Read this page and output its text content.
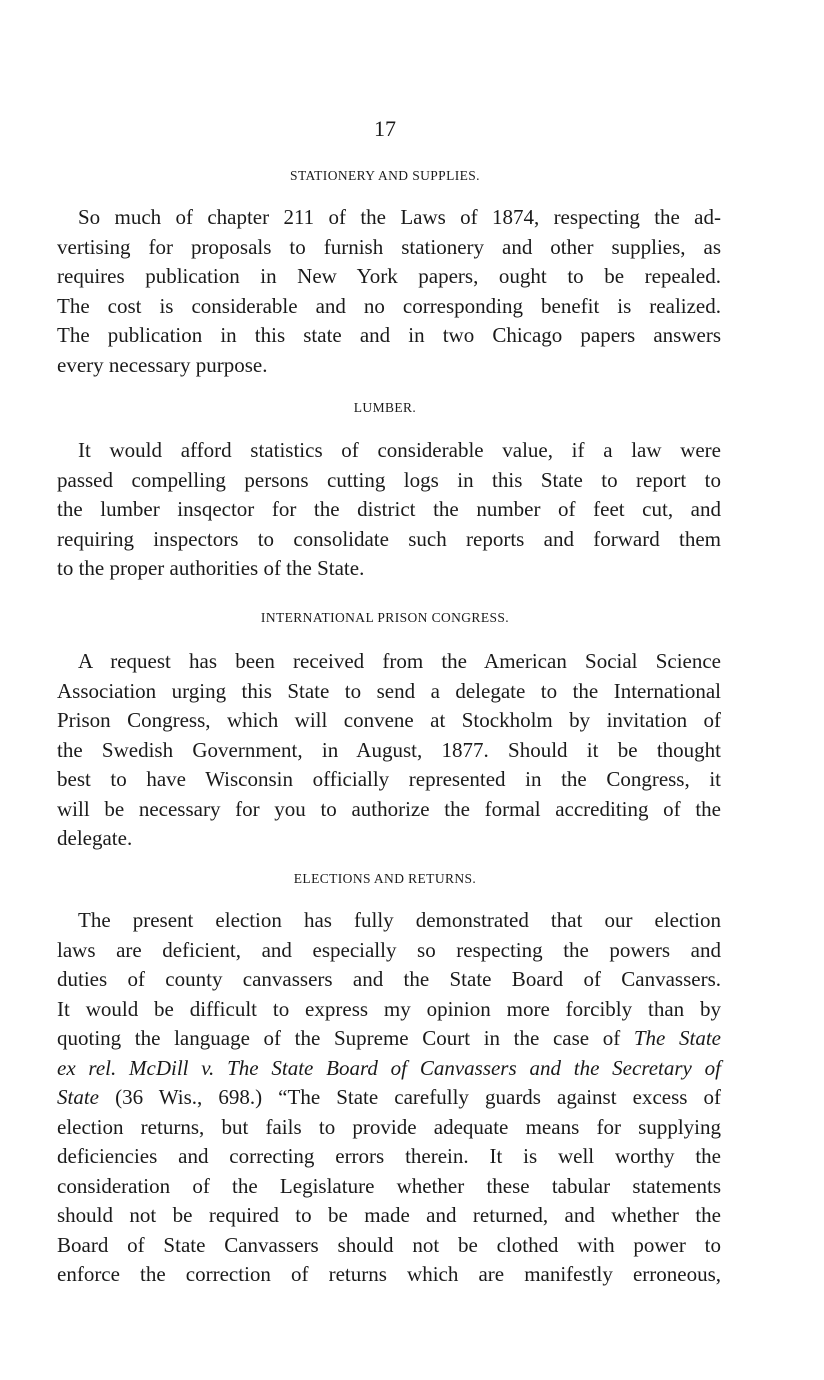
17
STATIONERY AND SUPPLIES.

So much of chapter 211 of the Laws of 1874, respecting the ad-
vertising for proposals to furnish stationery and other supplies, as
requires publication in New York papers, ought to be repealed.
The cost is considerable and no corresponding benefit is realized.
The publication in this state and in two Chicago papers answers
every necessary purpose.

LUMBER.

It would afford statistics of considerable value, if a law were
passed compelling persons cutting logs in this State to report to
the lumber insqector for the district the number of feet cut, and
requiring inspectors to consolidate such reports and forward them
to the proper authorities of the State.

INTERNATIONAL PRISON CONGRESS.

A request has been received from the American Social Science
Association urging this State to send a delegate to the International
Prison Congress, which will convene at Stockholm by invitation of
the Swedish Government, in August, 1877. Should it be thought
best to have Wisconsin officially represented in the Congress, it
will be necessary for you to authorize the formal accrediting of the
delegate.

ELECTIONS AND RETURNS.

The present election has fully demonstrated that our election
laws are deficient, and especially so respecting the powers and
duties of county canvassers and the State Board of Canvassers.
It would be difficult to express my opinion more forcibly than by
quoting the language of the Supreme Court in the case of The State
ex rel. McDill v. The State Board of Canvassers and the Secretary of
State (36 Wis., 698.) “The State carefully guards against excess of
election returns, but fails to provide adequate means for supplying
deficiencies and correcting errors therein. It is well worthy the
consideration of the Legislature whether these tabular statements
should not be required to be made and returned, and whether the
Board of State Canvassers should not be clothed with power to
enforce the correction of returns which are manifestly erroneous,
